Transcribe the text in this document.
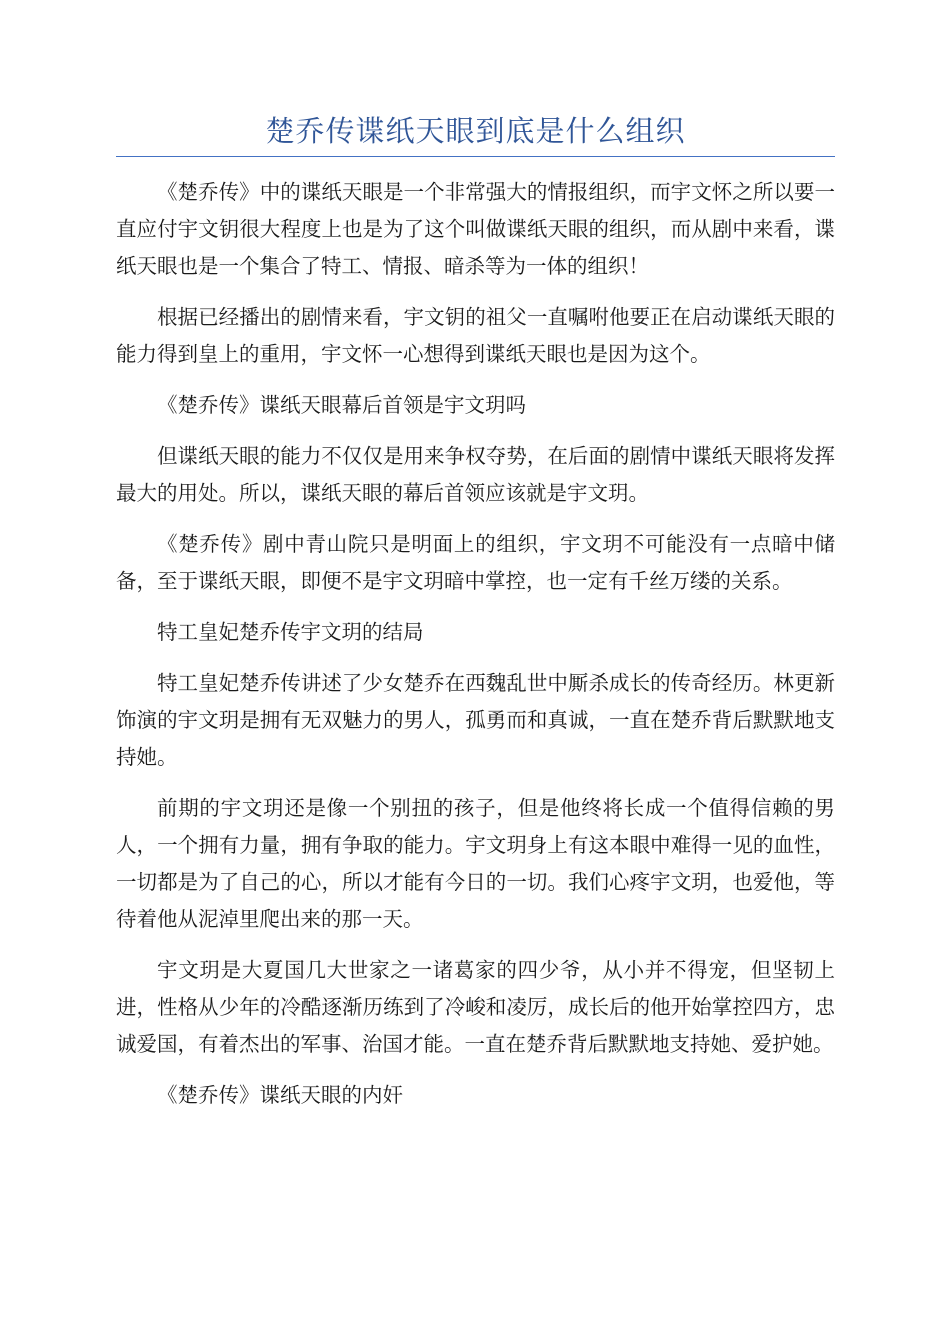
楚乔传谍纸天眼到底是什么组织

《楚乔传》中的谍纸天眼是一个非常强大的情报组织，而宇文怀之所以要一直应付宇文钥很大程度上也是为了这个叫做谍纸天眼的组织，而从剧中来看，谍纸天眼也是一个集合了特工、情报、暗杀等为一体的组织！

根据已经播出的剧情来看，宇文钥的祖父一直嘱咐他要正在启动谍纸天眼的能力得到皇上的重用，宇文怀一心想得到谍纸天眼也是因为这个。

《楚乔传》谍纸天眼幕后首领是宇文玥吗

但谍纸天眼的能力不仅仅是用来争权夺势，在后面的剧情中谍纸天眼将发挥最大的用处。所以，谍纸天眼的幕后首领应该就是宇文玥。

《楚乔传》剧中青山院只是明面上的组织，宇文玥不可能没有一点暗中储备，至于谍纸天眼，即便不是宇文玥暗中掌控，也一定有千丝万缕的关系。

特工皇妃楚乔传宇文玥的结局

特工皇妃楚乔传讲述了少女楚乔在西魏乱世中厮杀成长的传奇经历。林更新饰演的宇文玥是拥有无双魅力的男人，孤勇而和真诚，一直在楚乔背后默默地支持她。

前期的宇文玥还是像一个别扭的孩子，但是他终将长成一个值得信赖的男人，一个拥有力量，拥有争取的能力。宇文玥身上有这本眼中难得一见的血性，一切都是为了自己的心，所以才能有今日的一切。我们心疼宇文玥，也爱他，等待着他从泥淖里爬出来的那一天。

宇文玥是大夏国几大世家之一诸葛家的四少爷，从小并不得宠，但坚韧上进，性格从少年的冷酷逐渐历练到了冷峻和凌厉，成长后的他开始掌控四方，忠诚爱国，有着杰出的军事、治国才能。一直在楚乔背后默默地支持她、爱护她。

《楚乔传》谍纸天眼的内奸
